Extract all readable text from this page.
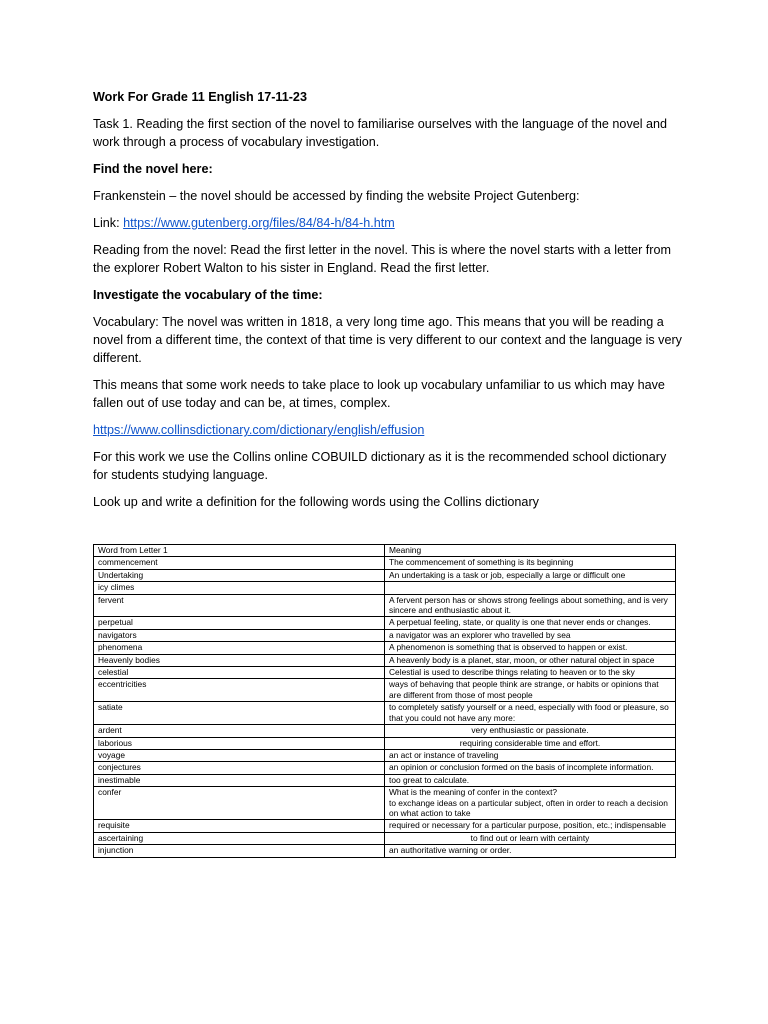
Work For Grade 11 English 17-11-23

Task 1. Reading the first section of the novel to familiarise ourselves with the language of the novel and work through a process of vocabulary investigation.

Find the novel here:

Frankenstein – the novel should be accessed by finding the website Project Gutenberg:

Link: https://www.gutenberg.org/files/84/84-h/84-h.htm

Reading from the novel: Read the first letter in the novel. This is where the novel starts with a letter from the explorer Robert Walton to his sister in England. Read the first letter.

Investigate the vocabulary of the time:

Vocabulary: The novel was written in 1818, a very long time ago. This means that you will be reading a novel from a different time, the context of that time is very different to our context and the language is very different.

This means that some work needs to take place to look up vocabulary unfamiliar to us which may have fallen out of use today and can be, at times, complex.

https://www.collinsdictionary.com/dictionary/english/effusion

For this work we use the Collins online COBUILD dictionary as it is the recommended school dictionary for students studying language.

Look up and write a definition for the following words using the Collins dictionary

Word from Letter 1	Meaning
commencement	The commencement of something is its beginning
Undertaking	An undertaking is a task or job, especially a large or difficult one
icy climes	
fervent	A fervent person has or shows strong feelings about something, and is very sincere and enthusiastic about it.
perpetual	A perpetual feeling, state, or quality is one that never ends or changes.
navigators	a navigator was an explorer who travelled by sea
phenomena	A phenomenon is something that is observed to happen or exist.
Heavenly bodies	A heavenly body is a planet, star, moon, or other natural object in space
celestial	Celestial is used to describe things relating to heaven or to the sky
eccentricities	ways of behaving that people think are strange, or habits or opinions that are different from those of most people
satiate	to completely satisfy yourself or a need, especially with food or pleasure, so that you could not have any more:
ardent	very enthusiastic or passionate.
laborious	requiring considerable time and effort.
voyage	an act or instance of traveling
conjectures	an opinion or conclusion formed on the basis of incomplete information.
inestimable	too great to calculate.
confer	What is the meaning of confer in the context?
to exchange ideas on a particular subject, often in order to reach a decision on what action to take
requisite	required or necessary for a particular purpose, position, etc.; indispensable
ascertaining	to find out or learn with certainty
injunction	an authoritative warning or order.
